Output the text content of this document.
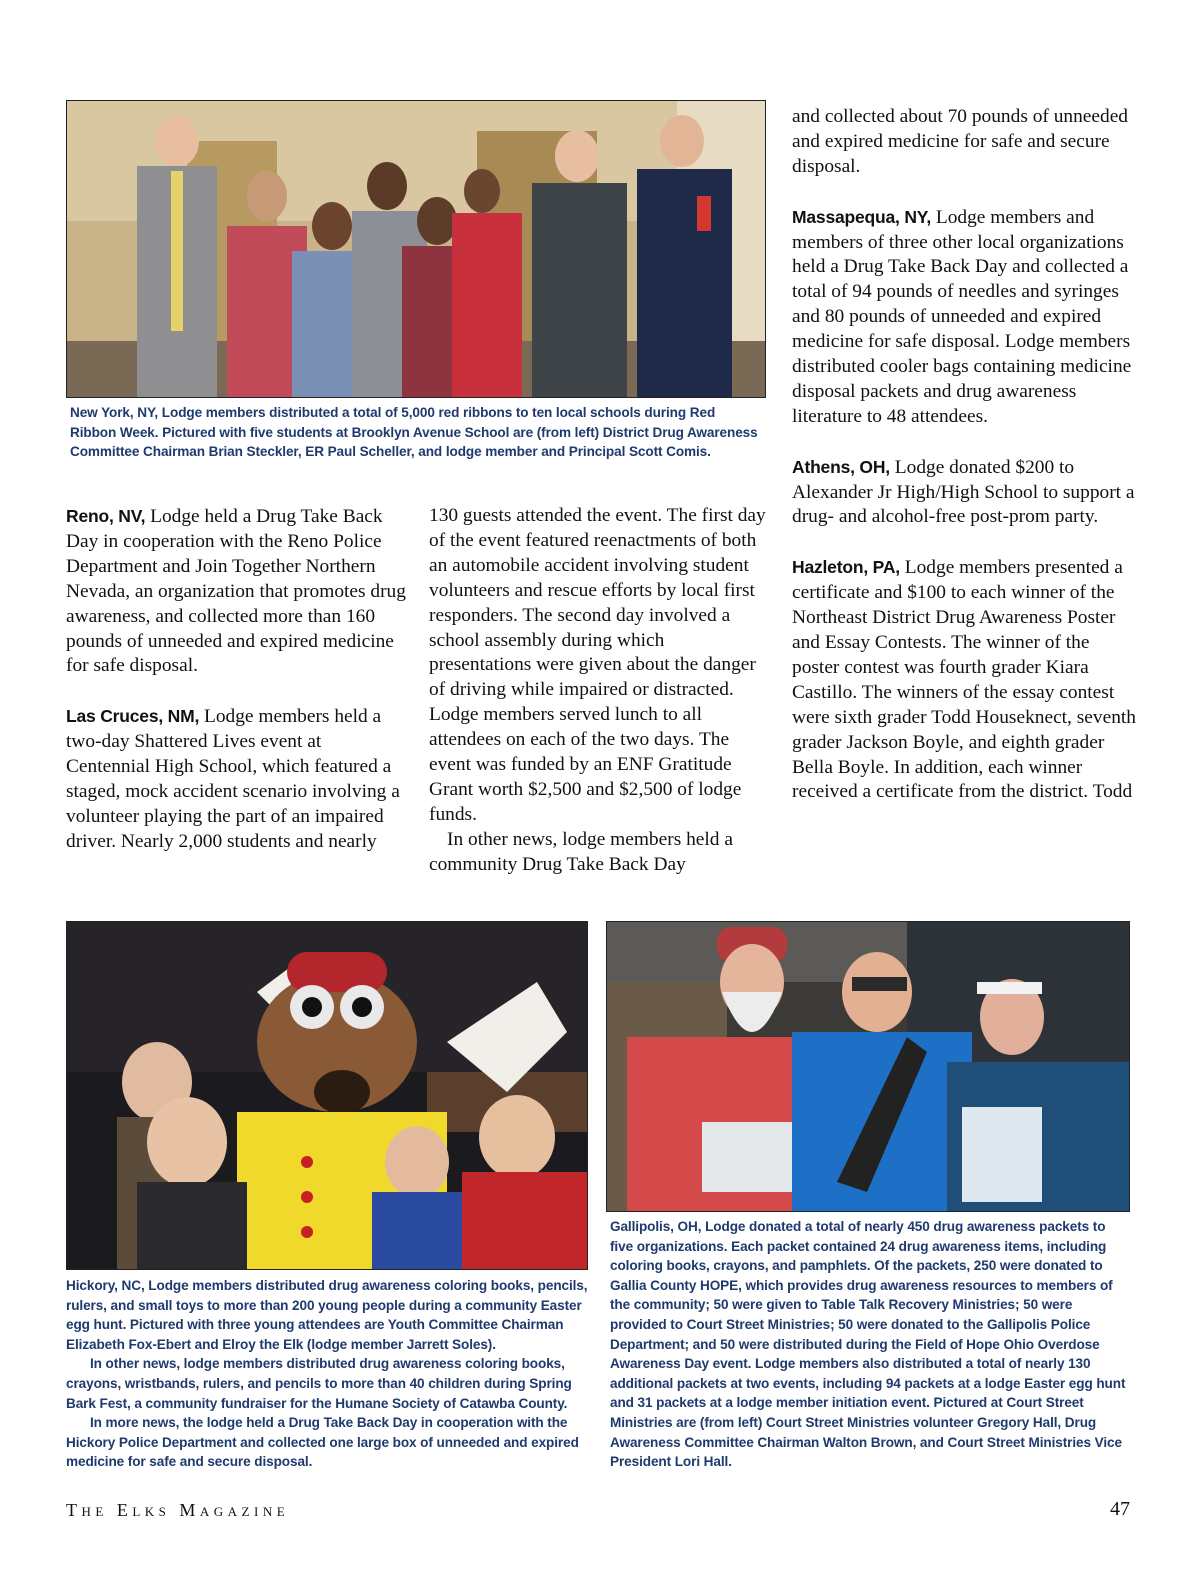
New York, NY, Lodge members distributed a total of 5,000 red ribbons to ten local schools during Red Ribbon Week. Pictured with five students at Brooklyn Avenue School are (from left) District Drug Awareness Committee Chairman Brian Steckler, ER Paul Scheller, and lodge member and Principal Scott Comis.

and collected about 70 pounds of unneeded and expired medicine for safe and secure disposal.

Massapequa, NY, Lodge members and members of three other local organizations held a Drug Take Back Day and collected a total of 94 pounds of needles and syringes and 80 pounds of unneeded and expired medicine for safe disposal. Lodge members distributed cooler bags containing medicine disposal packets and drug awareness literature to 48 attendees.

Athens, OH, Lodge donated $200 to Alexander Jr High/High School to support a drug- and alcohol-free post-prom party.

Hazleton, PA, Lodge members presented a certificate and $100 to each winner of the Northeast District Drug Awareness Poster and Essay Contests. The winner of the poster contest was fourth grader Kiara Castillo. The winners of the essay contest were sixth grader Todd Houseknect, seventh grader Jackson Boyle, and eighth grader Bella Boyle. In addition, each winner received a certificate from the district. Todd

Reno, NV, Lodge held a Drug Take Back Day in cooperation with the Reno Police Department and Join Together Northern Nevada, an organization that promotes drug awareness, and collected more than 160 pounds of unneeded and expired medicine for safe disposal.

Las Cruces, NM, Lodge members held a two-day Shattered Lives event at Centennial High School, which featured a staged, mock accident scenario involving a volunteer playing the part of an impaired driver. Nearly 2,000 students and nearly

130 guests attended the event. The first day of the event featured reenactments of both an automobile accident involving student volunteers and rescue efforts by local first responders. The second day involved a school assembly during which presentations were given about the danger of driving while impaired or distracted. Lodge members served lunch to all attendees on each of the two days. The event was funded by an ENF Gratitude Grant worth $2,500 and $2,500 of lodge funds.

In other news, lodge members held a community Drug Take Back Day

Hickory, NC, Lodge members distributed drug awareness coloring books, pencils, rulers, and small toys to more than 200 young people during a community Easter egg hunt. Pictured with three young attendees are Youth Committee Chairman Elizabeth Fox-Ebert and Elroy the Elk (lodge member Jarrett Soles).

In other news, lodge members distributed drug awareness coloring books, crayons, wristbands, rulers, and pencils to more than 40 children during Spring Bark Fest, a community fundraiser for the Humane Society of Catawba County.

In more news, the lodge held a Drug Take Back Day in cooperation with the Hickory Police Department and collected one large box of unneeded and expired medicine for safe and secure disposal.

Gallipolis, OH, Lodge donated a total of nearly 450 drug awareness packets to five organizations. Each packet contained 24 drug awareness items, including coloring books, crayons, and pamphlets. Of the packets, 250 were donated to Gallia County HOPE, which provides drug awareness resources to members of the community; 50 were given to Table Talk Recovery Ministries; 50 were provided to Court Street Ministries; 50 were donated to the Gallipolis Police Department; and 50 were distributed during the Field of Hope Ohio Overdose Awareness Day event. Lodge members also distributed a total of nearly 130 additional packets at two events, including 94 packets at a lodge Easter egg hunt and 31 packets at a lodge member initiation event. Pictured at Court Street Ministries are (from left) Court Street Ministries volunteer Gregory Hall, Drug Awareness Committee Chairman Walton Brown, and Court Street Ministries Vice President Lori Hall.

The Elks Magazine	47
